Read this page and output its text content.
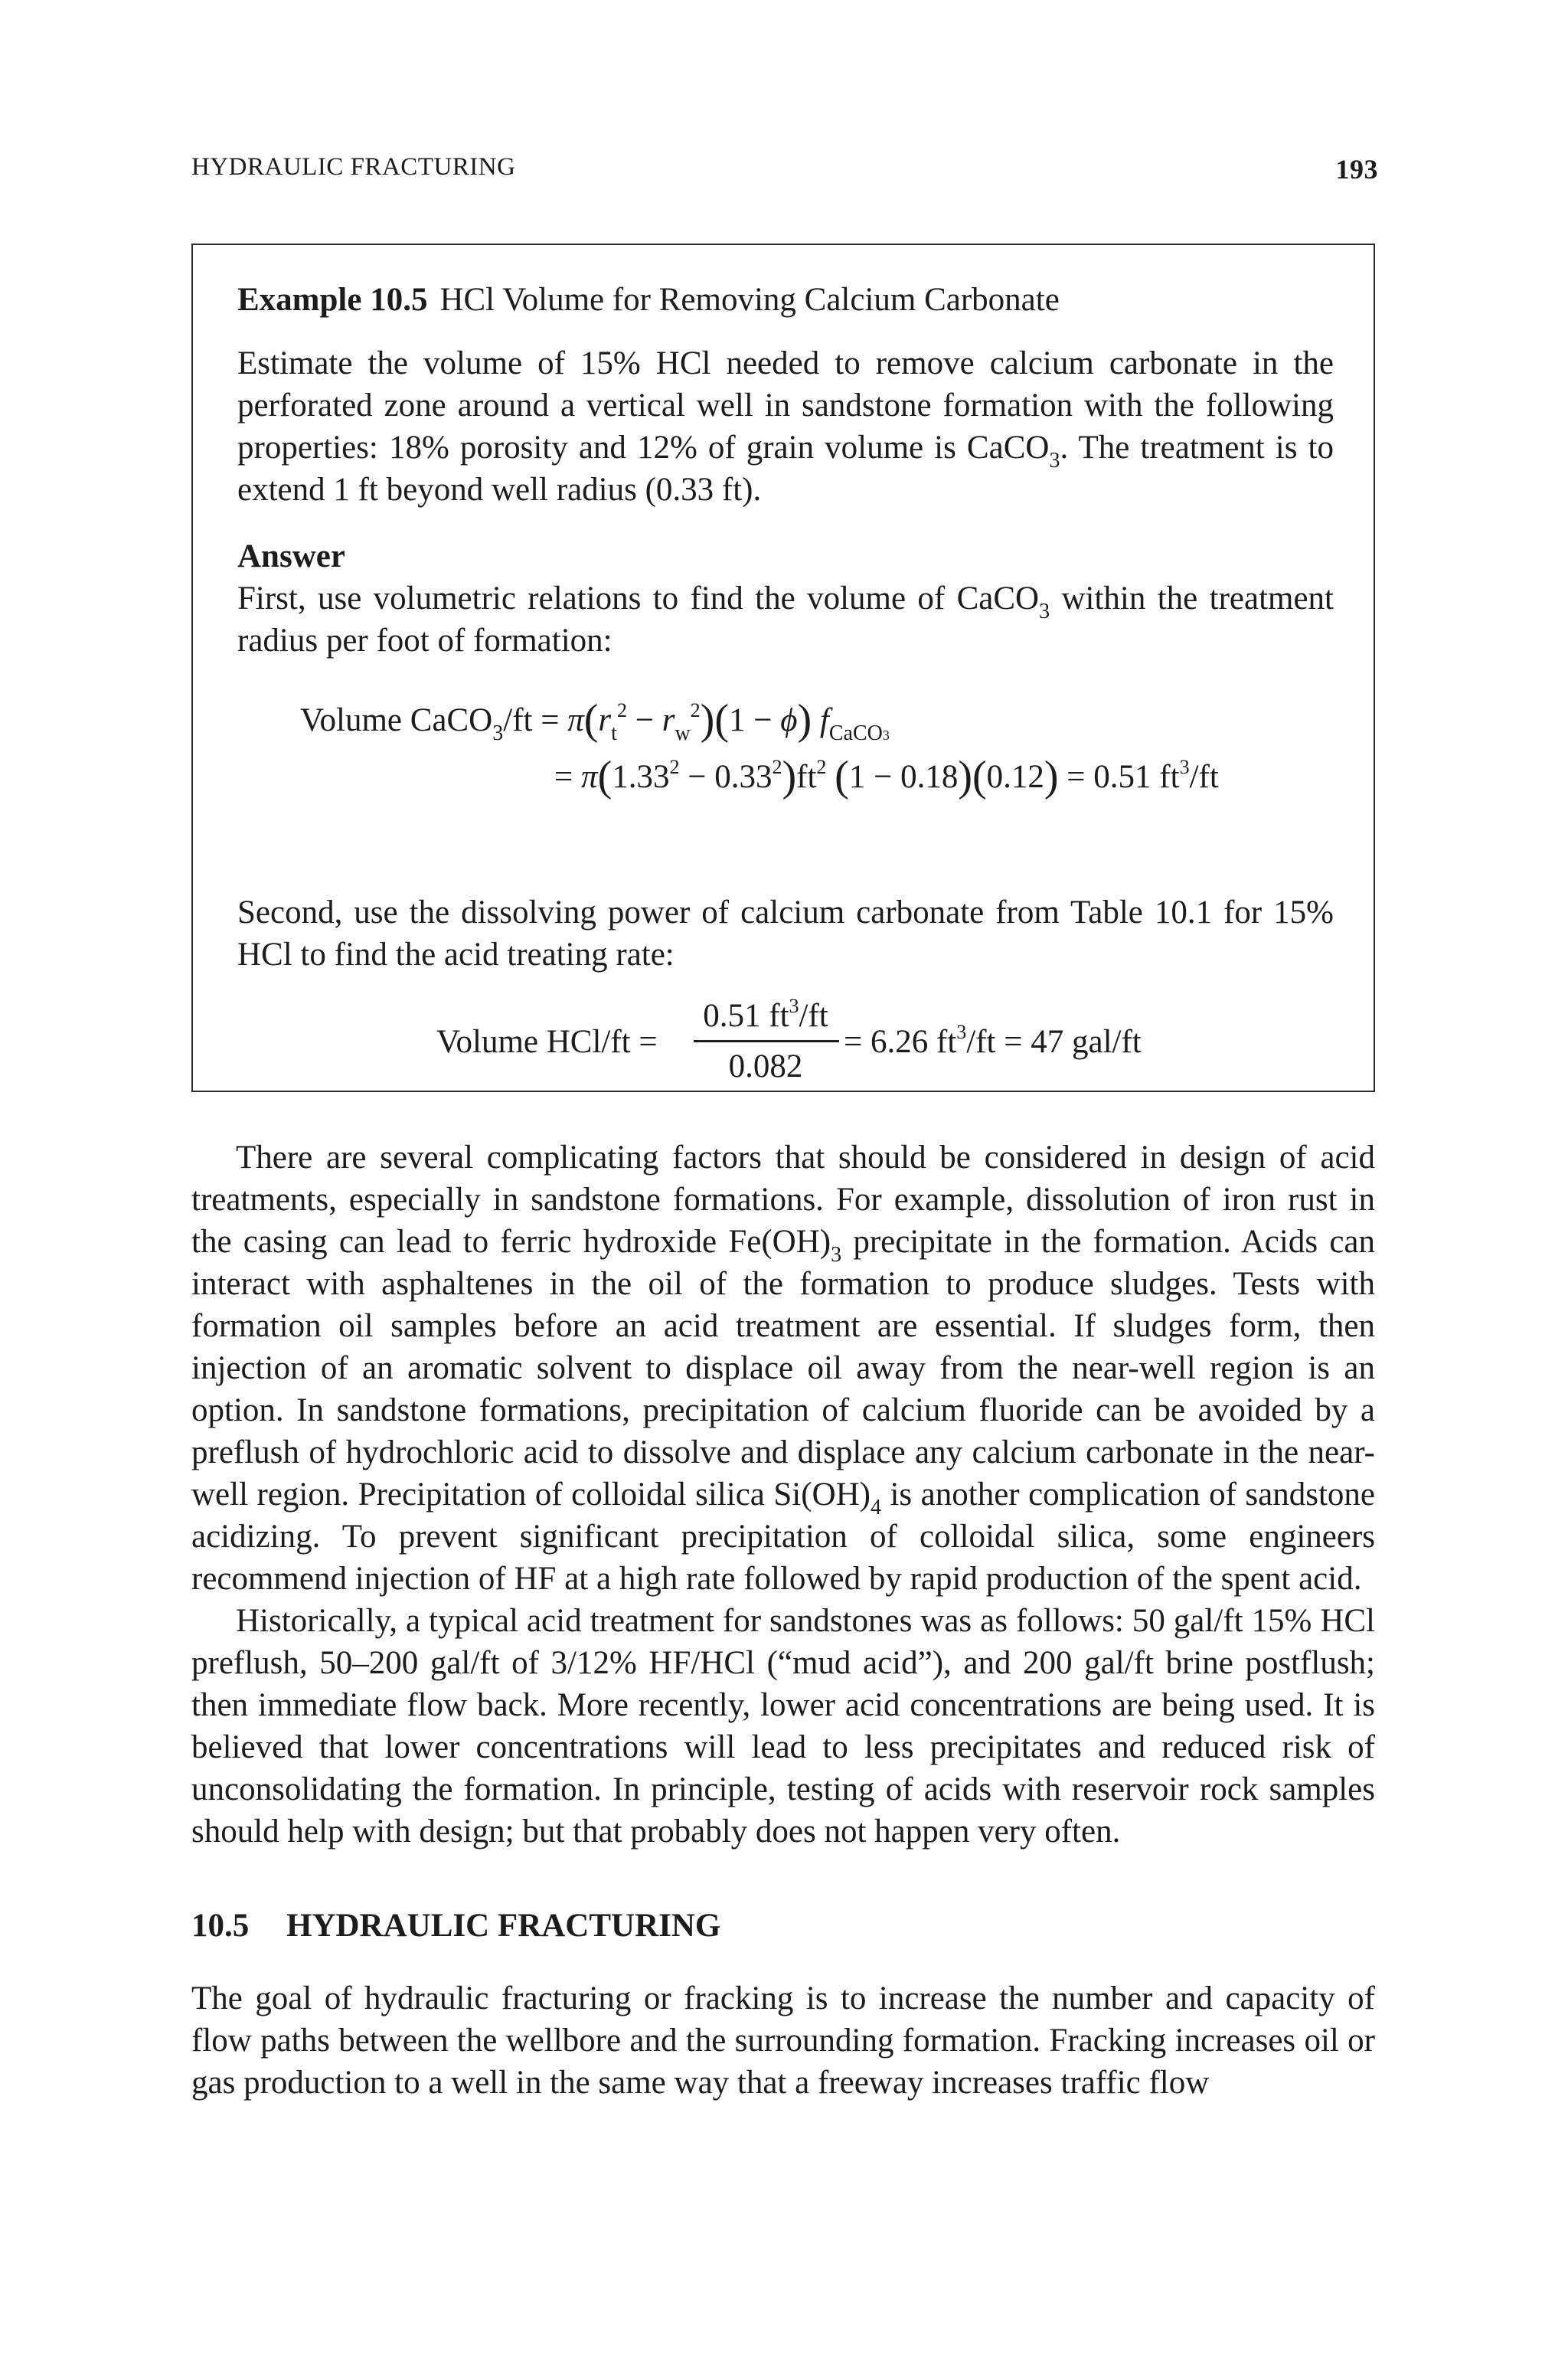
HYDRAULIC FRACTURING	193

Example 10.5 HCl Volume for Removing Calcium Carbonate

Estimate the volume of 15% HCl needed to remove calcium carbonate in the perforated zone around a vertical well in sandstone formation with the following properties: 18% porosity and 12% of grain volume is CaCO$_3$. The treatment is to extend 1 ft beyond well radius (0.33 ft).

Answer

First, use volumetric relations to find the volume of CaCO$_3$ within the treatment radius per foot of formation:

Volume CaCO$_3$/ft = $\pi(r_t^2 - r_w^2)(1 - \phi)$ $f_{CaCO3}$
= $\pi(1.33^2 - 0.33^2)ft^2$ (1 − 0.18)(0.12) = 0.51 $ft^3/ft$

Second, use the dissolving power of calcium carbonate from Table 10.1 for 15% HCl to find the acid treating rate:

Volume HCl/ft =
0.51 $ft^3/ft$
0.082
= 6.26 $ft^3/ft = 47$ gal/ft

There are several complicating factors that should be considered in design of acid treatments, especially in sandstone formations. For example, dissolution of iron rust in the casing can lead to ferric hydroxide $Fe(OH)_3$ precipitate in the formation. Acids can interact with asphaltenes in the oil of the formation to produce sludges. Tests with formation oil samples before an acid treatment are essential. If sludges form, then injection of an aromatic solvent to displace oil away from the near-well region is an option. In sandstone formations, precipitation of calcium fluoride can be avoided by a preflush of hydrochloric acid to dissolve and displace any calcium carbonate in the near-well region. Precipitation of colloidal silica $Si(OH)_4$ is another complication of sandstone acidizing. To prevent significant precipitation of colloidal silica, some engineers recommend injection of HF at a high rate followed by rapid production of the spent acid.

Historically, a typical acid treatment for sandstones was as follows: 50 gal/ft 15% HCl preflush, 50–200 gal/ft of 3/12% HF/HCl (“mud acid”), and 200 gal/ft brine postflush; then immediate flow back. More recently, lower acid concentrations are being used. It is believed that lower concentrations will lead to less precipitates and reduced risk of unconsolidating the formation. In principle, testing of acids with reservoir rock samples should help with design; but that probably does not happen very often.

10.5 HYDRAULIC FRACTURING

The goal of hydraulic fracturing or fracking is to increase the number and capacity of flow paths between the wellbore and the surrounding formation. Fracking increases oil or gas production to a well in the same way that a freeway increases traffic flow
